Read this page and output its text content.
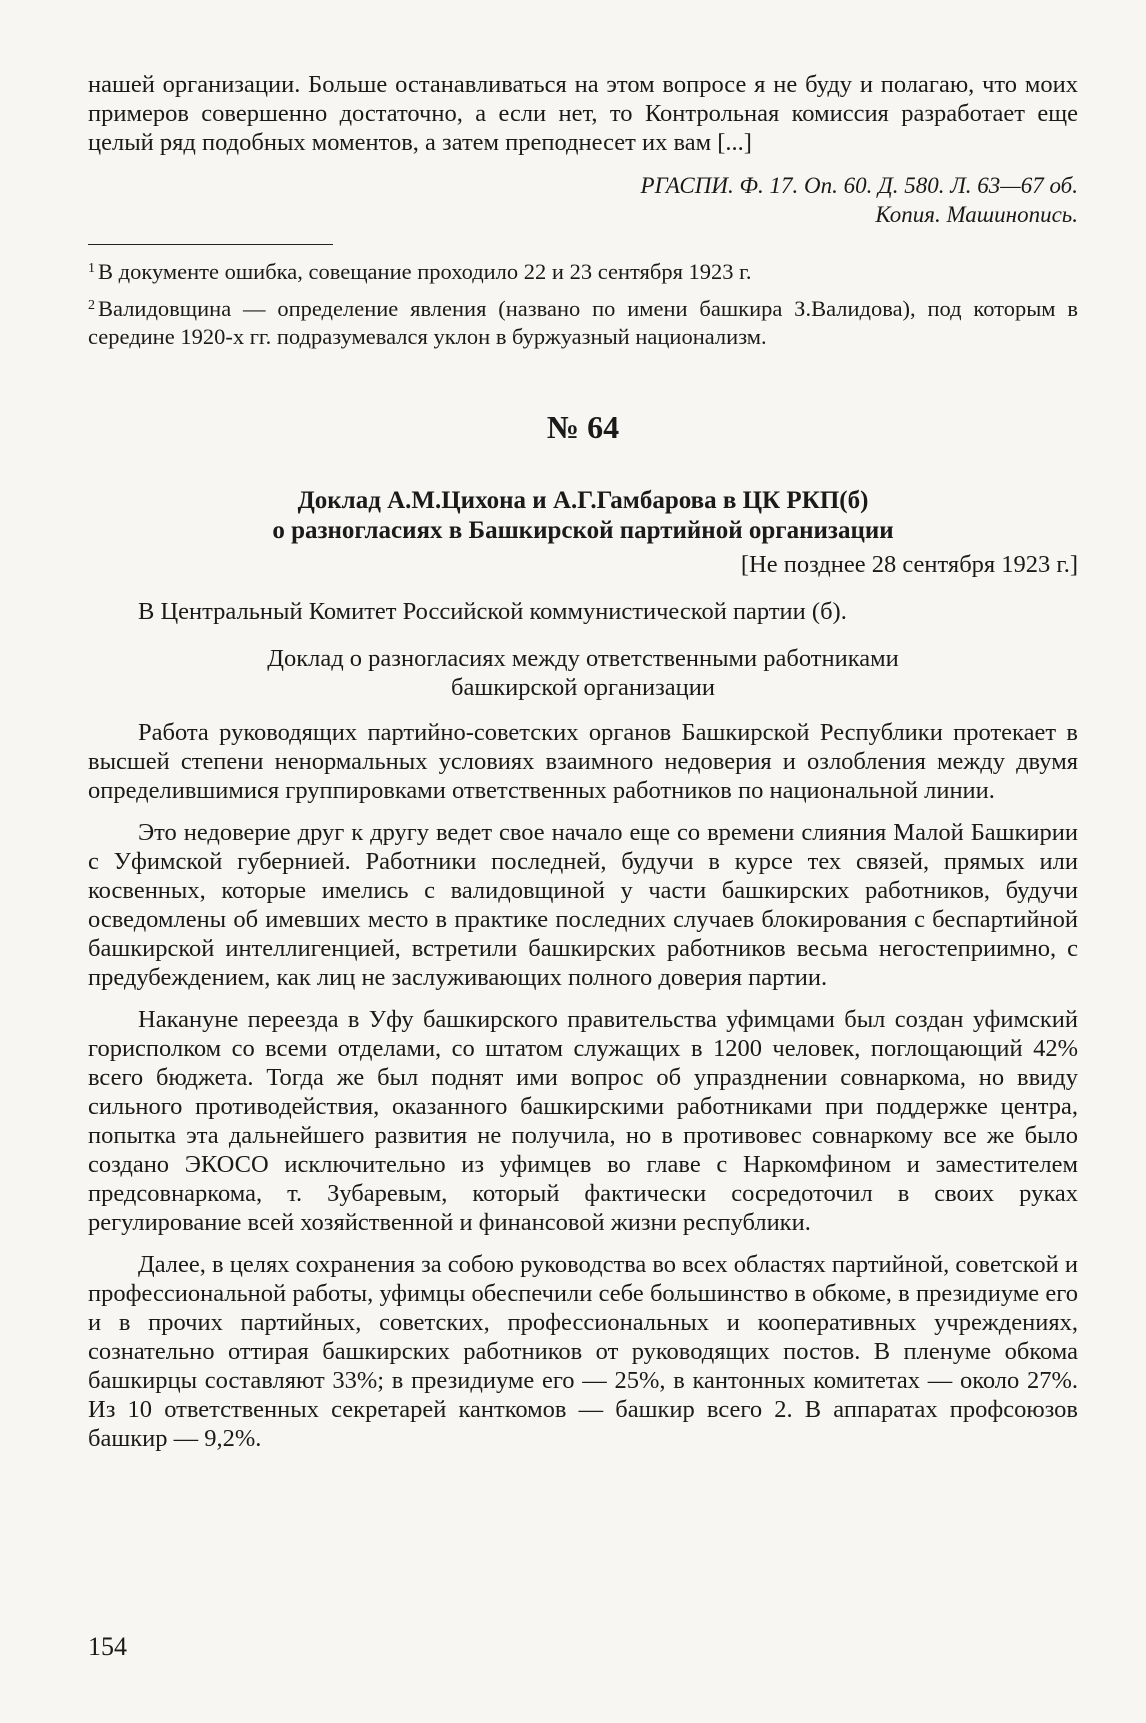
нашей организации. Больше останавливаться на этом вопросе я не буду и полагаю, что моих примеров совершенно достаточно, а если нет, то Контрольная комиссия разработает еще целый ряд подобных моментов, а затем преподнесет их вам [...]

РГАСПИ. Ф. 17. Оп. 60. Д. 580. Л. 63—67 об.

Копия. Машинопись.

$^1$ В документе ошибка, совещание проходило 22 и 23 сентября 1923 г.

$^2$ Валидовщина — определение явления (названо по имени башкира З.Валидова), под которым в середине 1920-х гг. подразумевался уклон в буржуазный национализм.

№ 64
Доклад А.М.Цихона и А.Г.Гамбарова в ЦК РКП(б)
о разногласиях в Башкирской партийной организации
[Не позднее 28 сентября 1923 г.]

В Центральный Комитет Российской коммунистической партии (б).

Доклад о разногласиях между ответственными работниками
башкирской организации

Работа руководящих партийно-советских органов Башкирской Республики протекает в высшей степени ненормальных условиях взаимного недоверия и озлобления между двумя определившимися группировками ответственных работников по национальной линии.

Это недоверие друг к другу ведет свое начало еще со времени слияния Малой Башкирии с Уфимской губернией. Работники последней, будучи в курсе тех связей, прямых или косвенных, которые имелись с валидовщиной у части башкирских работников, будучи осведомлены об имевших место в практике последних случаев блокирования с беспартийной башкирской интеллигенцией, встретили башкирских работников весьма негостеприимно, с предубеждением, как лиц не заслуживающих полного доверия партии.

Накануне переезда в Уфу башкирского правительства уфимцами был создан уфимский горисполком со всеми отделами, со штатом служащих в 1200 человек, поглощающий 42% всего бюджета. Тогда же был поднят ими вопрос об упразднении совнаркома, но ввиду сильного противодействия, оказанного башкирскими работниками при поддержке центра, попытка эта дальнейшего развития не получила, но в противовес совнаркому все же было создано ЭКОСО исключительно из уфимцев во главе с Наркомфином и заместителем предсовнаркома, т. Зубаревым, который фактически сосредоточил в своих руках регулирование всей хозяйственной и финансовой жизни республики.

Далее, в целях сохранения за собою руководства во всех областях партийной, советской и профессиональной работы, уфимцы обеспечили себе большинство в обкоме, в президиуме его и в прочих партийных, советских, профессиональных и кооперативных учреждениях, сознательно оттирая башкирских работников от руководящих постов. В пленуме обкома башкирцы составляют 33%; в президиуме его — 25%, в кантонных комитетах — около 27%. Из 10 ответственных секретарей канткомов — башкир всего 2. В аппаратах профсоюзов башкир — 9,2%.

154
